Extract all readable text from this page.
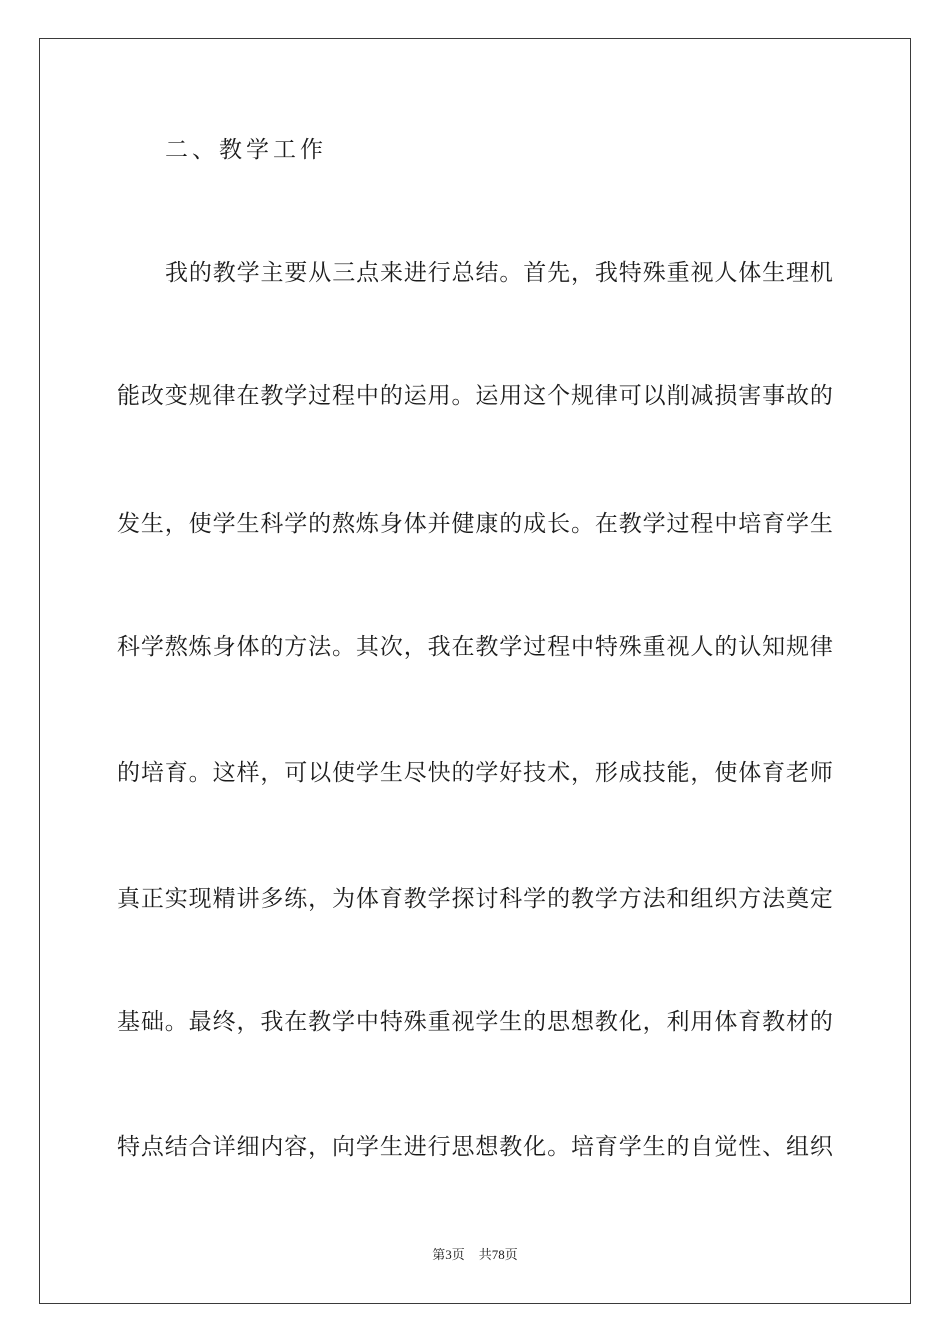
二、教学工作
我的教学主要从三点来进行总结。首先，我特殊重视人体生理机
能改变规律在教学过程中的运用。运用这个规律可以削减损害事故的
发生，使学生科学的熬炼身体并健康的成长。在教学过程中培育学生
科学熬炼身体的方法。其次，我在教学过程中特殊重视人的认知规律
的培育。这样，可以使学生尽快的学好技术，形成技能，使体育老师
真正实现精讲多练，为体育教学探讨科学的教学方法和组织方法奠定
基础。最终，我在教学中特殊重视学生的思想教化，利用体育教材的
特点结合详细内容，向学生进行思想教化。培育学生的自觉性、组织
第3页 共78页
